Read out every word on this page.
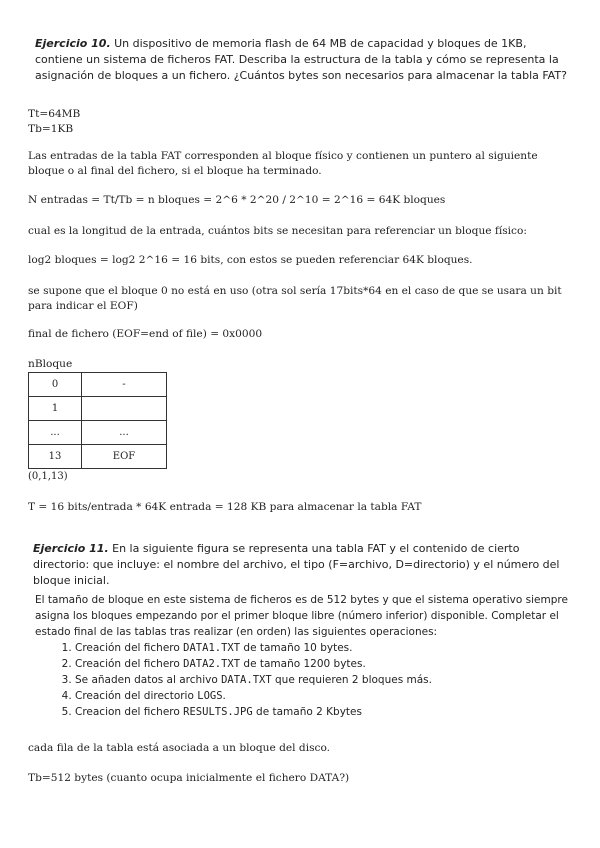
Ejercicio 10. Un dispositivo de memoria flash de 64 MB de capacidad y bloques de 1KB, contiene un sistema de ficheros FAT. Describa la estructura de la tabla y cómo se representa la asignación de bloques a un fichero. ¿Cuántos bytes son necesarios para almacenar la tabla FAT?

Tt=64MB

Tb=1KB

Las entradas de la tabla FAT corresponden al bloque físico y contienen un puntero al siguiente bloque o al final del fichero, si el bloque ha terminado.

N entradas = Tt/Tb = n bloques = 2^6 * 2^20 / 2^10 = 2^16 = 64K bloques

cual es la longitud de la entrada, cuántos bits se necesitan para referenciar un bloque físico:

log2 bloques = log2 2^16 = 16 bits, con estos se pueden referenciar 64K bloques.

se supone que el bloque 0 no está en uso (otra sol sería 17bits*64 en el caso de que se usara un bit para indicar el EOF)

final de fichero (EOF=end of file) = 0x0000

nBloque

0	-
1	
...	...
13	EOF

(0,1,13)

T = 16 bits/entrada * 64K entrada = 128 KB para almacenar la tabla FAT

Ejercicio 11. En la siguiente figura se representa una tabla FAT y el contenido de cierto directorio: que incluye: el nombre del archivo, el tipo (F=archivo, D=directorio) y el número del bloque inicial.

El tamaño de bloque en este sistema de ficheros es de 512 bytes y que el sistema operativo siempre asigna los bloques empezando por el primer bloque libre (número inferior) disponible. Completar el estado final de las tablas tras realizar (en orden) las siguientes operaciones:

1. Creación del fichero DATA1.TXT de tamaño 10 bytes.
2. Creación del fichero DATA2.TXT de tamaño 1200 bytes.
3. Se añaden datos al archivo DATA.TXT que requieren 2 bloques más.
4. Creación del directorio LOGS.
5. Creacion del fichero RESULTS.JPG de tamaño 2 Kbytes

cada fila de la tabla está asociada a un bloque del disco.

Tb=512 bytes (cuanto ocupa inicialmente el fichero DATA?)
